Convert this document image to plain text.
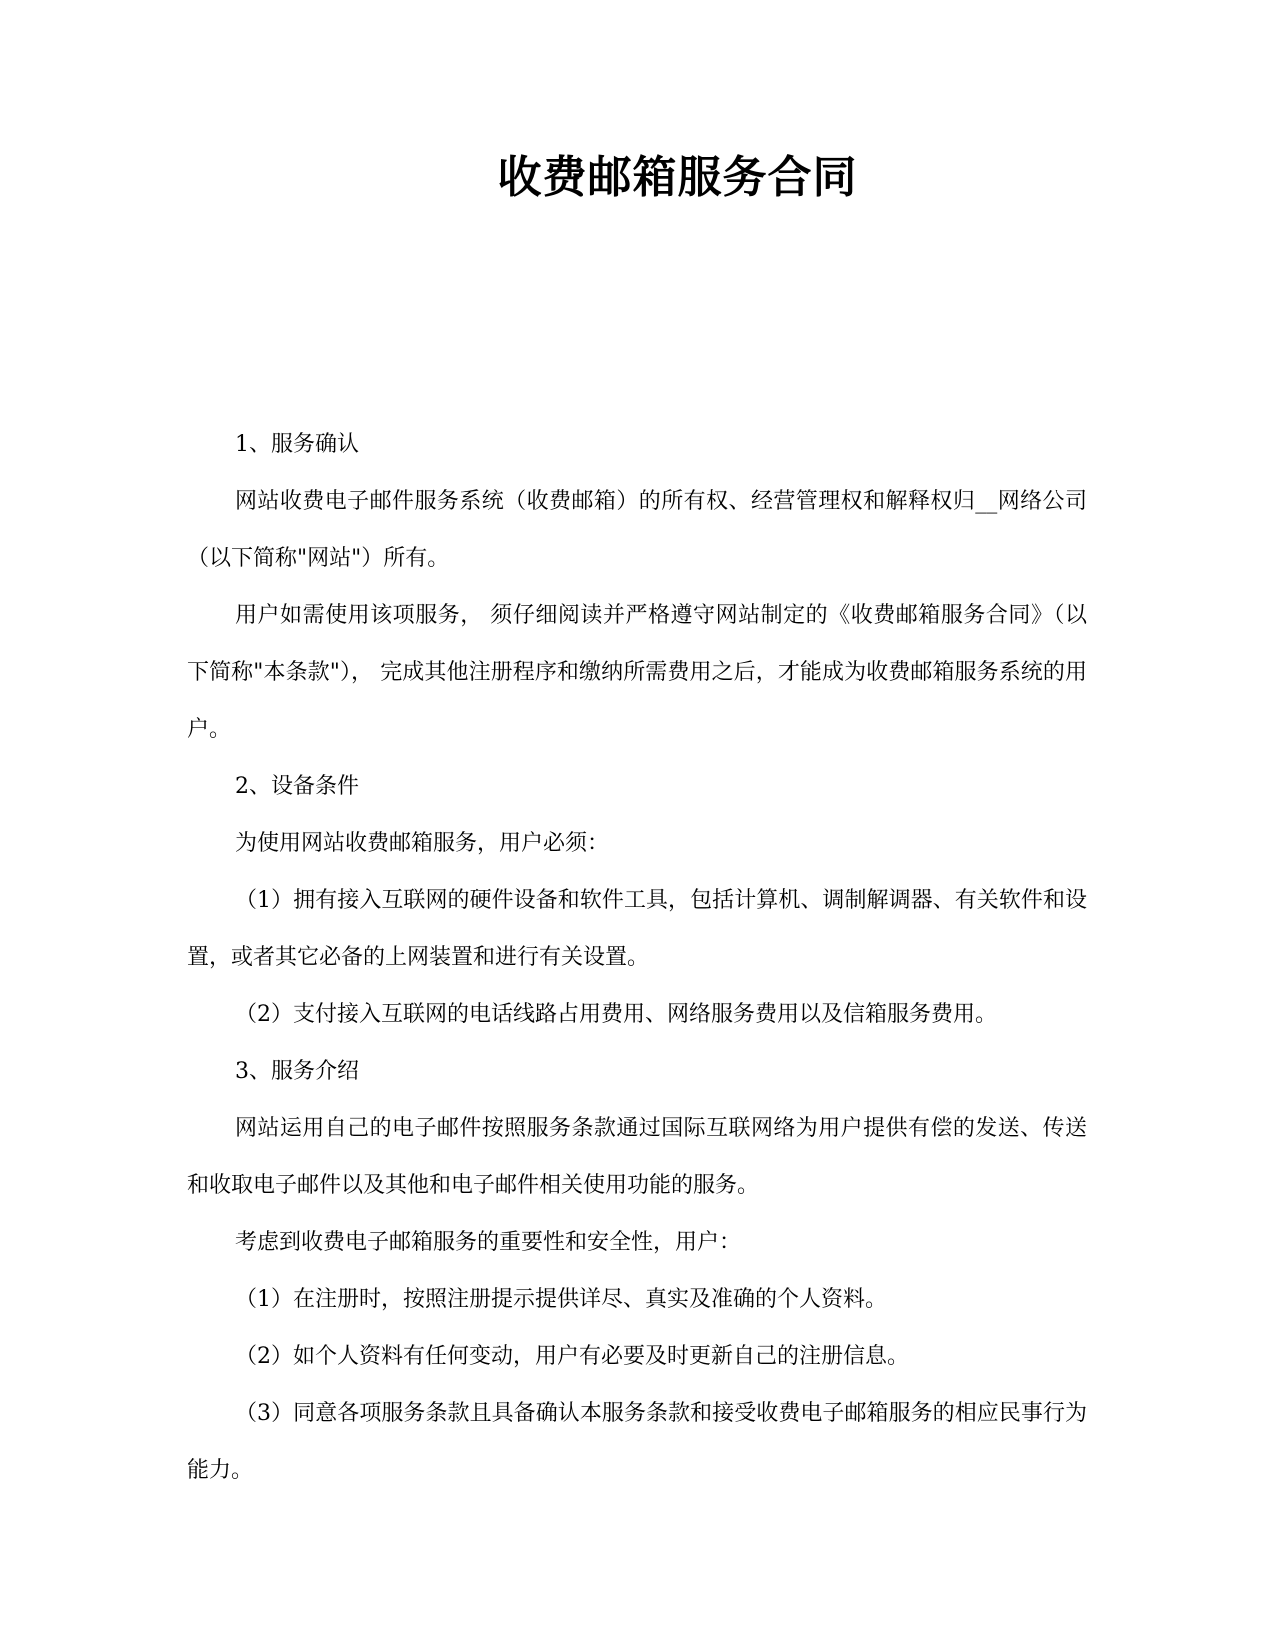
收费邮箱服务合同

1、服务确认

网站收费电子邮件服务系统（收费邮箱）的所有权、经营管理权和解释权归__网络公司（以下简称"网站"）所有。

用户如需使用该项服务， 须仔细阅读并严格遵守网站制定的《收费邮箱服务合同》（以下简称"本条款"）， 完成其他注册程序和缴纳所需费用之后，才能成为收费邮箱服务系统的用户。

2、设备条件

为使用网站收费邮箱服务，用户必须：

（1）拥有接入互联网的硬件设备和软件工具，包括计算机、调制解调器、有关软件和设置，或者其它必备的上网装置和进行有关设置。

（2）支付接入互联网的电话线路占用费用、网络服务费用以及信箱服务费用。

3、服务介绍

网站运用自己的电子邮件按照服务条款通过国际互联网络为用户提供有偿的发送、传送和收取电子邮件以及其他和电子邮件相关使用功能的服务。

考虑到收费电子邮箱服务的重要性和安全性，用户：

（1）在注册时，按照注册提示提供详尽、真实及准确的个人资料。

（2）如个人资料有任何变动，用户有必要及时更新自己的注册信息。

（3）同意各项服务条款且具备确认本服务条款和接受收费电子邮箱服务的相应民事行为能力。
